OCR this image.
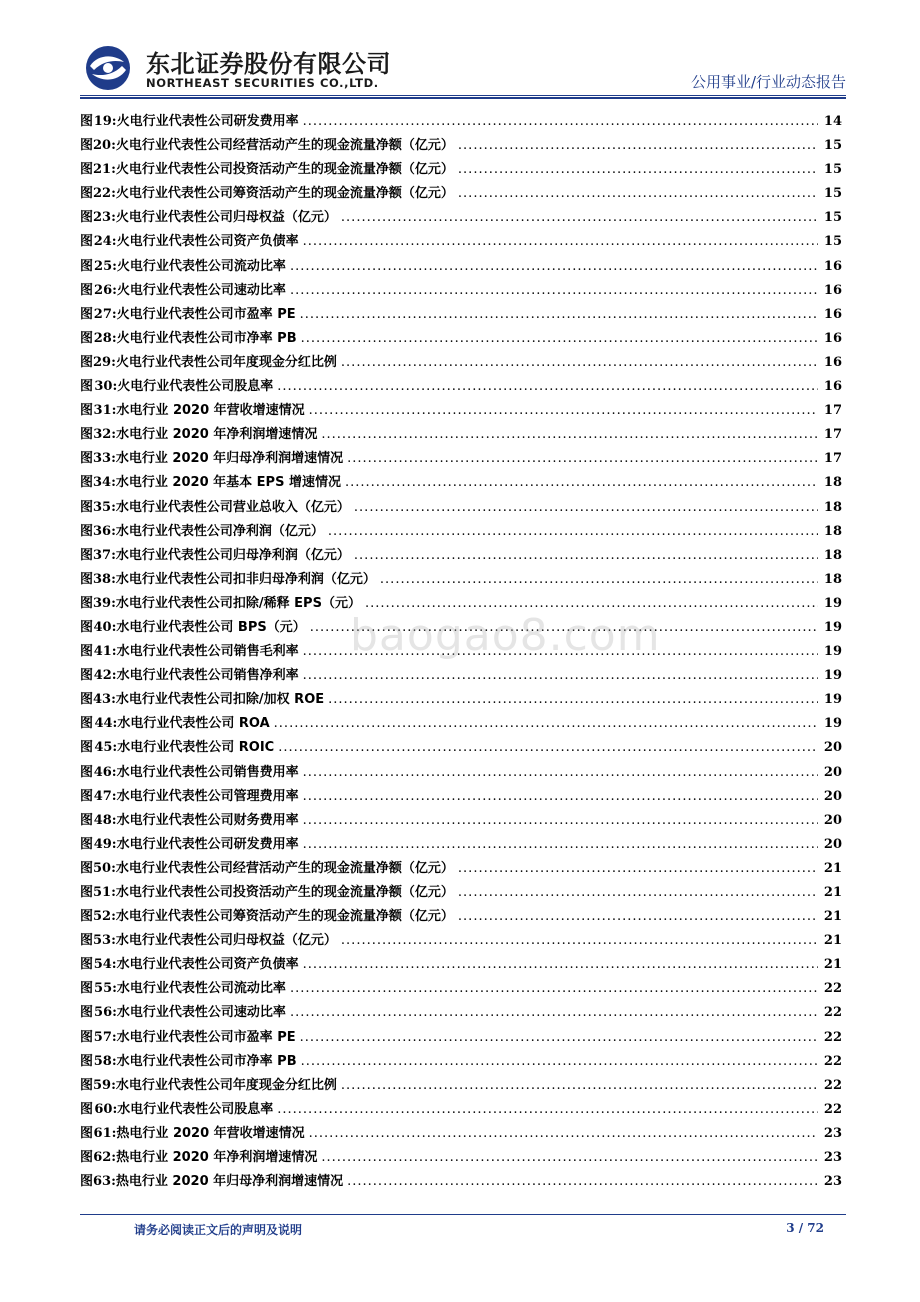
东北证券股份有限公司
NORTHEAST SECURITIES CO.,LTD.	公用事业/行业动态报告
图 19: 火电行业代表性公司研发费用率 .....	14
图 20: 火电行业代表性公司经营活动产生的现金流量净额（亿元） .....	15
图 21: 火电行业代表性公司投资活动产生的现金流量净额（亿元） .....	15
图 22: 火电行业代表性公司筹资活动产生的现金流量净额（亿元） .....	15
图 23: 火电行业代表性公司归母权益（亿元） .....	15
图 24: 火电行业代表性公司资产负债率 .....	15
图 25: 火电行业代表性公司流动比率 .....	16
图 26: 火电行业代表性公司速动比率 .....	16
图 27: 火电行业代表性公司市盈率 PE .....	16
图 28: 火电行业代表性公司市净率 PB .....	16
图 29: 火电行业代表性公司年度现金分红比例 .....	16
图 30: 火电行业代表性公司股息率 .....	16
图 31: 水电行业 2020 年营收增速情况 .....	17
图 32: 水电行业 2020 年净利润增速情况 .....	17
图 33: 水电行业 2020 年归母净利润增速情况 .....	17
图 34: 水电行业 2020 年基本 EPS 增速情况 .....	18
图 35: 水电行业代表性公司营业总收入（亿元） .....	18
图 36: 水电行业代表性公司净利润（亿元） .....	18
图 37: 水电行业代表性公司归母净利润（亿元） .....	18
图 38: 水电行业代表性公司扣非归母净利润（亿元） .....	18
图 39: 水电行业代表性公司扣除/稀释 EPS（元） .....	19
图 40: 水电行业代表性公司 BPS（元） .....	19
图 41: 水电行业代表性公司销售毛利率 .....	19
图 42: 水电行业代表性公司销售净利率 .....	19
图 43: 水电行业代表性公司扣除/加权 ROE .....	19
图 44: 水电行业代表性公司 ROA .....	19
图 45: 水电行业代表性公司 ROIC .....	20
图 46: 水电行业代表性公司销售费用率 .....	20
图 47: 水电行业代表性公司管理费用率 .....	20
图 48: 水电行业代表性公司财务费用率 .....	20
图 49: 水电行业代表性公司研发费用率 .....	20
图 50: 水电行业代表性公司经营活动产生的现金流量净额（亿元） .....	21
图 51: 水电行业代表性公司投资活动产生的现金流量净额（亿元） .....	21
图 52: 水电行业代表性公司筹资活动产生的现金流量净额（亿元） .....	21
图 53: 水电行业代表性公司归母权益（亿元） .....	21
图 54: 水电行业代表性公司资产负债率 .....	21
图 55: 水电行业代表性公司流动比率 .....	22
图 56: 水电行业代表性公司速动比率 .....	22
图 57: 水电行业代表性公司市盈率 PE .....	22
图 58: 水电行业代表性公司市净率 PB .....	22
图 59: 水电行业代表性公司年度现金分红比例 .....	22
图 60: 水电行业代表性公司股息率 .....	22
图 61: 热电行业 2020 年营收增速情况 .....	23
图 62: 热电行业 2020 年净利润增速情况 .....	23
图 63: 热电行业 2020 年归母净利润增速情况 .....	23
baogao8.com
请务必阅读正文后的声明及说明	3 / 72
